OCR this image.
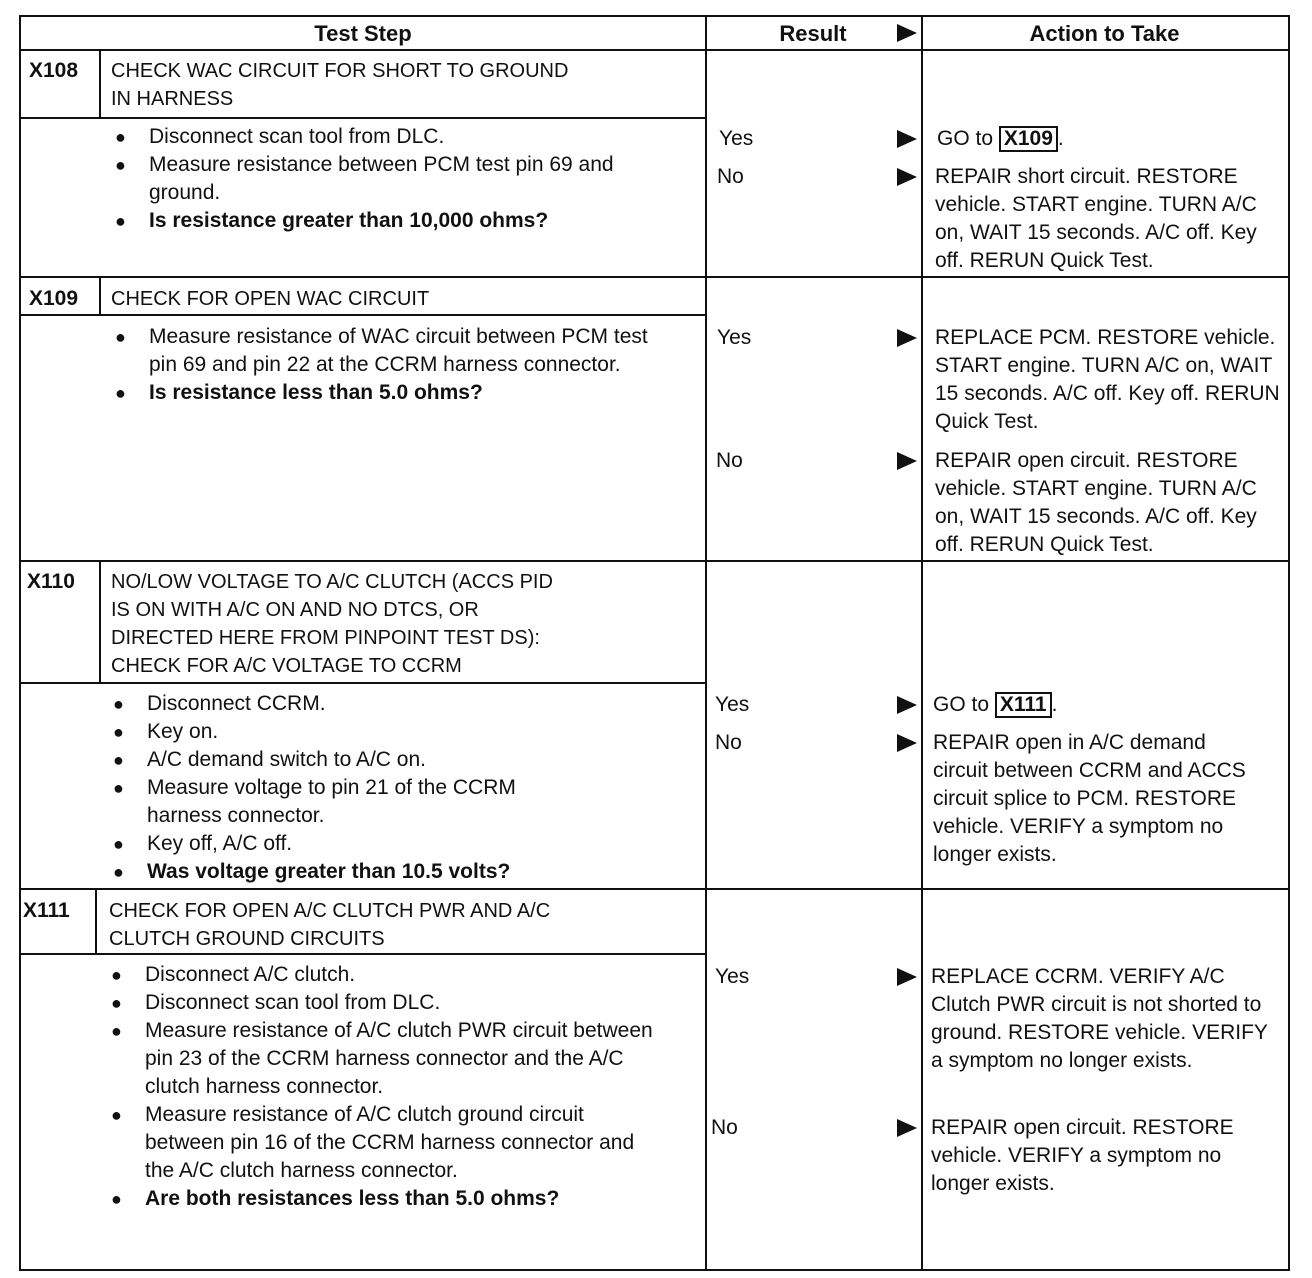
Test Step	Result	Action to Take
X108 CHECK WAC CIRCUIT FOR SHORT TO GROUND
IN HARNESS
● Disconnect scan tool from DLC.
● Measure resistance between PCM test pin 69 and ground.
● Is resistance greater than 10,000 ohms?
Yes	GO to X109 .
No	REPAIR short circuit. RESTORE vehicle. START engine. TURN A/C on, WAIT 15 seconds. A/C off. Key off. RERUN Quick Test.
X109 CHECK FOR OPEN WAC CIRCUIT
● Measure resistance of WAC circuit between PCM test pin 69 and pin 22 at the CCRM harness connector.
● Is resistance less than 5.0 ohms?
Yes	REPLACE PCM. RESTORE vehicle. START engine. TURN A/C on, WAIT 15 seconds. A/C off. Key off. RERUN Quick Test.
No	REPAIR open circuit. RESTORE vehicle. START engine. TURN A/C on, WAIT 15 seconds. A/C off. Key off. RERUN Quick Test.
X110 NO/LOW VOLTAGE TO A/C CLUTCH (ACCS PID
IS ON WITH A/C ON AND NO DTCS, OR
DIRECTED HERE FROM PINPOINT TEST DS):
CHECK FOR A/C VOLTAGE TO CCRM
● Disconnect CCRM.
● Key on.
● A/C demand switch to A/C on.
● Measure voltage to pin 21 of the CCRM harness connector.
● Key off, A/C off.
● Was voltage greater than 10.5 volts?
Yes	GO to X111 .
No	REPAIR open in A/C demand circuit between CCRM and ACCS circuit splice to PCM. RESTORE vehicle. VERIFY a symptom no longer exists.
X111 CHECK FOR OPEN A/C CLUTCH PWR AND A/C
CLUTCH GROUND CIRCUITS
● Disconnect A/C clutch.
● Disconnect scan tool from DLC.
● Measure resistance of A/C clutch PWR circuit between pin 23 of the CCRM harness connector and the A/C clutch harness connector.
● Measure resistance of A/C clutch ground circuit between pin 16 of the CCRM harness connector and the A/C clutch harness connector.
● Are both resistances less than 5.0 ohms?
Yes	REPLACE CCRM. VERIFY A/C Clutch PWR circuit is not shorted to ground. RESTORE vehicle. VERIFY a symptom no longer exists.
No	REPAIR open circuit. RESTORE vehicle. VERIFY a symptom no longer exists.
